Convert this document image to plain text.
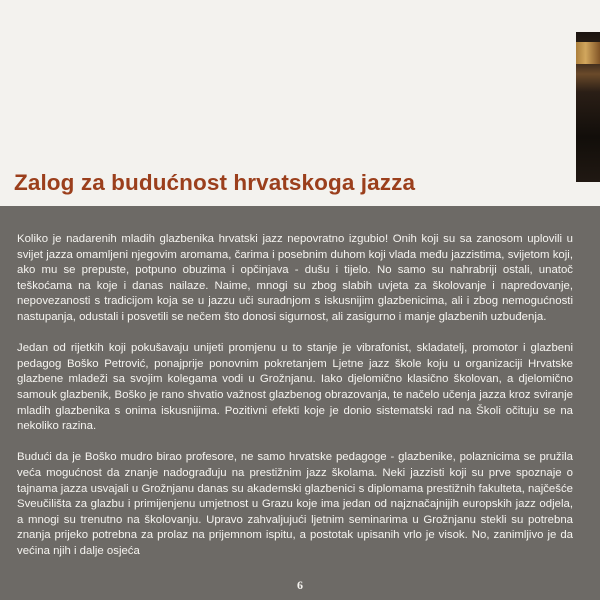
Zalog za budućnost hrvatskoga jazza

Koliko je nadarenih mladih glazbenika hrvatski jazz nepovratno izgubio! Onih koji su sa zanosom uplovili u svijet jazza omamljeni njegovim aromama, čarima i posebnim duhom koji vlada među jazzistima, svijetom koji, ako mu se prepuste, potpuno obuzima i opčinjava - dušu i tijelo. No samo su nahrabriji ostali, unatoč teškoćama na koje i danas nailaze. Naime, mnogi su zbog slabih uvjeta za školovanje i napredovanje, nepovezanosti s tradicijom koja se u jazzu uči suradnjom s iskusnijim glazbenicima, ali i zbog nemogućnosti nastupanja, odustali i posvetili se nečem što donosi sigurnost, ali zasigurno i manje glazbenih uzbuđenja.

Jedan od rijetkih koji pokušavaju unijeti promjenu u to stanje je vibrafonist, skladatelj, promotor i glazbeni pedagog Boško Petrović, ponajprije ponovnim pokretanjem Ljetne jazz škole koju u organizaciji Hrvatske glazbene mladeži sa svojim kolegama vodi u Grožnjanu. Iako djelomično klasično školovan, a djelomično samouk glazbenik, Boško je rano shvatio važnost glazbenog obrazovanja, te načelo učenja jazza kroz sviranje mladih glazbenika s onima iskusnijima. Pozitivni efekti koje je donio sistematski rad na Školi očituju se na nekoliko razina.

Budući da je Boško mudro birao profesore, ne samo hrvatske pedagoge - glazbenike, polaznicima se pružila veća mogućnost da znanje nadograđuju na prestižnim jazz školama. Neki jazzisti koji su prve spoznaje o tajnama jazza usvajali u Grožnjanu danas su akademski glazbenici s diplomama prestižnih fakulteta, najčešće Sveučilišta za glazbu i primijenjenu umjetnost u Grazu koje ima jedan od najznačajnijih europskih jazz odjela, a mnogi su trenutno na školovanju. Upravo zahvaljujući ljetnim seminarima u Grožnjanu stekli su potrebna znanja prijeko potrebna za prolaz na prijemnom ispitu, a postotak upisanih vrlo je visok. No, zanimljivo je da većina njih i dalje osjeća

6
